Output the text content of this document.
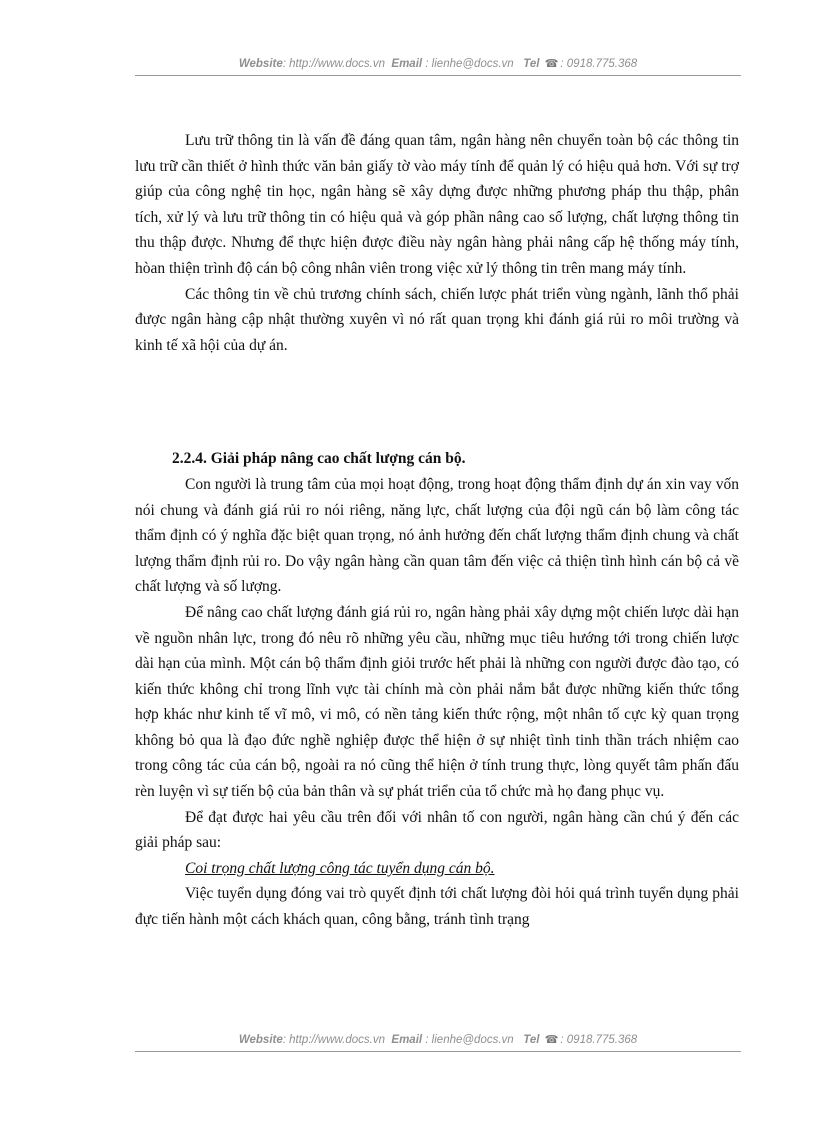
Website: http://www.docs.vn Email : lienhe@docs.vn Tel ☎ : 0918.775.368

Lưu trữ thông tin là vấn đề đáng quan tâm, ngân hàng nên chuyển toàn bộ các thông tin lưu trữ cần thiết ở hình thức văn bản giấy tờ vào máy tính để quản lý có hiệu quả hơn. Với sự trợ giúp của công nghệ tin học, ngân hàng sẽ xây dựng được những phương pháp thu thập, phân tích, xử lý và lưu trữ thông tin có hiệu quả và góp phần nâng cao số lượng, chất lượng thông tin thu thập được. Nhưng để thực hiện được điều này ngân hàng phải nâng cấp hệ thống máy tính, hòan thiện trình độ cán bộ công nhân viên trong việc xử lý thông tin trên mang máy tính.

Các thông tin về chủ trương chính sách, chiến lược phát triển vùng ngành, lãnh thổ phải được ngân hàng cập nhật thường xuyên vì nó rất quan trọng khi đánh giá rủi ro môi trường và kinh tế xã hội của dự án.

2.2.4. Giải pháp nâng cao chất lượng cán bộ.

Con người là trung tâm của mọi hoạt động, trong hoạt động thẩm định dự án xin vay vốn nói chung và đánh giá rủi ro nói riêng, năng lực, chất lượng của đội ngũ cán bộ làm công tác thẩm định có ý nghĩa đặc biệt quan trọng, nó ảnh hưởng đến chất lượng thẩm định chung và chất lượng thẩm định rủi ro. Do vậy ngân hàng cần quan tâm đến việc cả thiện tình hình cán bộ cả về chất lượng và số lượng.

Để nâng cao chất lượng đánh giá rủi ro, ngân hàng phải xây dựng một chiến lược dài hạn về nguồn nhân lực, trong đó nêu rõ những yêu cầu, những mục tiêu hướng tới trong chiến lược dài hạn của mình. Một cán bộ thẩm định giỏi trước hết phải là những con người được đào tạo, có kiến thức không chỉ trong lĩnh vực tài chính mà còn phải nắm bắt được những kiến thức tổng hợp khác như kinh tế vĩ mô, vi mô, có nền tảng kiến thức rộng, một nhân tố cực kỳ quan trọng không bỏ qua là đạo đức nghề nghiệp được thể hiện ở sự nhiệt tình tinh thần trách nhiệm cao trong công tác của cán bộ, ngoài ra nó cũng thể hiện ở tính trung thực, lòng quyết tâm phấn đấu rèn luyện vì sự tiến bộ của bản thân và sự phát triển của tổ chức mà họ đang phục vụ.

Để đạt được hai yêu cầu trên đối với nhân tố con người, ngân hàng cần chú ý đến các giải pháp sau:

Coi trọng chất lượng công tác tuyển dụng cán bộ.

Việc tuyển dụng đóng vai trò quyết định tới chất lượng đòi hỏi quá trình tuyển dụng phải đực tiến hành một cách khách quan, công bằng, tránh tình trạng

Website: http://www.docs.vn Email : lienhe@docs.vn Tel ☎ : 0918.775.368
